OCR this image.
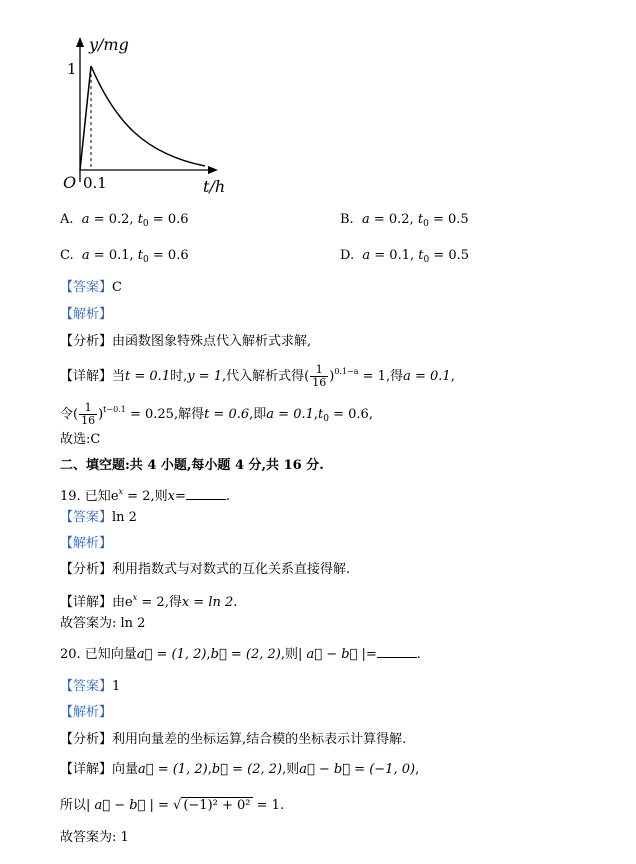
y/mg
1
O 0.1	t/h
A. a = 0.2, $t_0 = 0.6$	B. a = 0.2, $t_0 = 0.5$
C. a = 0.1, $t_0 = 0.6$	D. a = 0.1, $t_0 = 0.5$
【答案】C
【解析】
【分析】由函数图象特殊点代入解析式求解,
【详解】当t = 0.1时,y = 1,代入解析式得( $\frac{1}{16} )^{0.1-a} = 1$,得a = 0.1,
令( $\frac{1}{16} )^{t-0.1} = 0.25$,解得t = 0.6,即$a = 0.1,t_0 = 0.6$,
故选:C
二、填空题:共 4 小题,每小题 4 分,共 16 分.
19. 已知$e^x = 2$,则x=	.
【答案】ln 2
【解析】
【分析】利用指数式与对数式的互化关系直接得解.
【详解】由$e^x = 2$,得x = ln 2.
故答案为: ln 2
20. 已知向量a⃗ = (1, 2),b⃗ = (2, 2),则| a⃗ − b⃗ |=	.
【答案】1
【解析】
【分析】利用向量差的坐标运算,结合模的坐标表示计算得解.
【详解】向量a⃗ = (1, 2),b⃗ = (2, 2),则a⃗ − b⃗ = (−1, 0),
所以| a⃗ − b⃗ | = √ (−1)² + 0² = 1.
故答案为: 1
